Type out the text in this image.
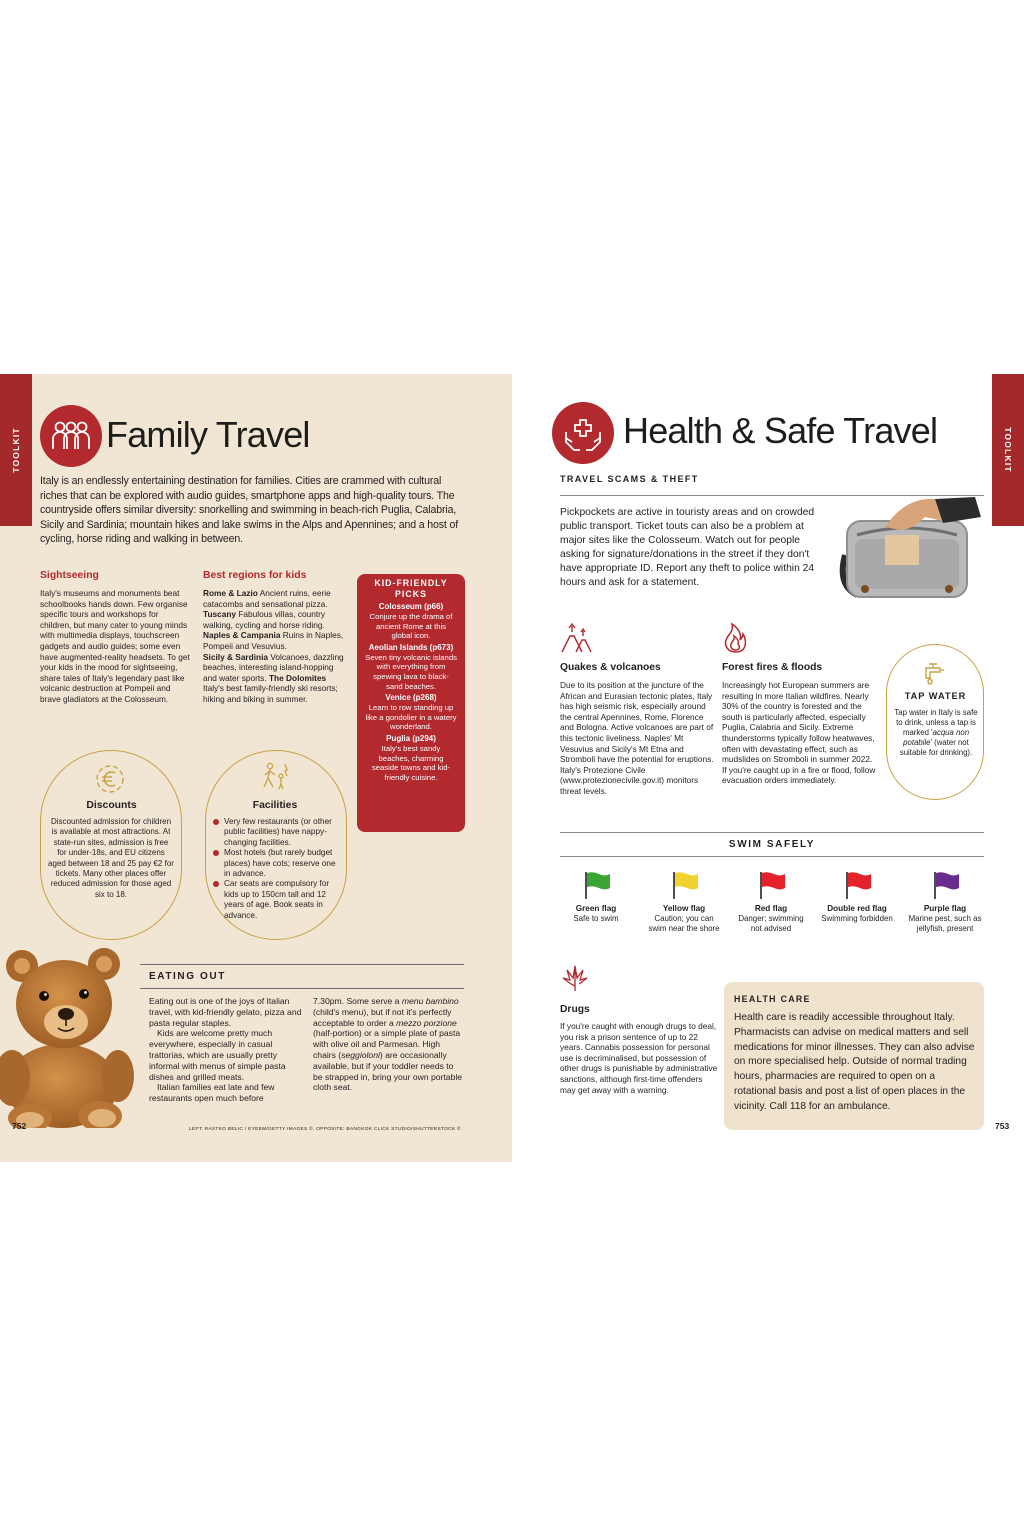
TOOLKIT Family Travel
Italy is an endlessly entertaining destination for families. Cities are crammed with cultural riches that can be explored with audio guides, smartphone apps and high-quality tours. The countryside offers similar diversity: snorkelling and swimming in beach-rich Puglia, Calabria, Sicily and Sardinia; mountain hikes and lake swims in the Alps and Apennines; and a host of cycling, horse riding and walking in between.
Sightseeing
Italy's museums and monuments beat schoolbooks hands down. Few organise specific tours and workshops for children, but many cater to young minds with multimedia displays, touchscreen gadgets and audio guides; some even have augmented-reality headsets. To get your kids in the mood for sightseeing, share tales of Italy's legendary past like volcanic destruction at Pompeii and brave gladiators at the Colosseum.
Best regions for kids
Rome & Lazio Ancient ruins, eerie catacombs and sensational pizza.
Tuscany Fabulous villas, country walking, cycling and horse riding.
Naples & Campania Ruins in Naples, Pompeii and Vesuvius.
Sicily & Sardinia Volcanoes, dazzling beaches, interesting island-hopping and water sports. The Dolomites Italy's best family-friendly ski resorts; hiking and biking in summer.
KID-FRIENDLY
PICKS
Colosseum (p66)
Conjure up the drama of ancient Rome at this global icon.
Aeolian Islands (p673)
Seven tiny volcanic islands with everything from spewing lava to black-sand beaches.
Venice (p268)
Learn to row standing up like a gondolier in a watery wonderland.
Puglia (p294)
Italy's best sandy beaches, charming seaside towns and kid-friendly cuisine.
Discounts
Discounted admission for children is available at most attractions. At state-run sites, admission is free for under-18s, and EU citizens aged between 18 and 25 pay €2 for tickets. Many other places offer reduced admission for those aged six to 18.
Facilities
Very few restaurants (or other public facilities) have nappy-changing facilities.
Most hotels (but rarely budget places) have cots; reserve one in advance.
Car seats are compulsory for kids up to 150cm tall and 12 years of age. Book seats in advance.
EATING OUT
Eating out is one of the joys of Italian travel, with kid-friendly gelato, pizza and pasta regular staples.
Kids are welcome pretty much everywhere, especially in casual trattorias, which are usually pretty informal with menus of simple pasta dishes and grilled meats.
Italian families eat late and few restaurants open much before
7.30pm. Some serve a menu bambino (child's menu), but if not it's perfectly acceptable to order a mezzo porzione (half-portion) or a simple plate of pasta with olive oil and Parmesan. High chairs (seggioloni) are occasionally available, but if your toddler needs to be strapped in, bring your own portable cloth seat.
752	LEFT: RASTKO BELIC / EYEEM/GETTY IMAGES ©. OPPOSITE: BANGKOK CLICK STUDIO/SHUTTERSTOCK ©
TOOLKIT
Health & Safe Travel
TRAVEL SCAMS & THEFT
Pickpockets are active in touristy areas and on crowded public transport. Ticket touts can also be a problem at major sites like the Colosseum. Watch out for people asking for signature/donations in the street if they don't have appropriate ID. Report any theft to police within 24 hours and ask for a statement.
Quakes & volcanoes
Due to its position at the juncture of the African and Eurasian tectonic plates, Italy has high seismic risk, especially around the central Apennines, Rome, Florence and Bologna. Active volcanoes are part of this tectonic liveliness. Naples' Mt Vesuvius and Sicily's Mt Etna and Stromboli have the potential for eruptions. Italy's Protezione Civile (www.protezionecivile.gov.it) monitors threat levels.
Forest fires & floods
Increasingly hot European summers are resulting in more Italian wildfires. Nearly 30% of the country is forested and the south is particularly affected, especially Puglia, Calabria and Sicily. Extreme thunderstorms typically follow heatwaves, often with devastating effect, such as mudslides on Stromboli in summer 2022. If you're caught up in a fire or flood, follow evacuation orders immediately.
TAP WATER
Tap water in Italy is safe to drink, unless a tap is marked 'acqua non potabile' (water not suitable for drinking).
SWIM SAFELY
Green flag
Safe to swim
Yellow flag
Caution; you can swim near the shore
Red flag
Danger; swimming not advised
Double red flag
Swimming forbidden
Purple flag
Marine pest, such as jellyfish, present
Drugs
If you're caught with enough drugs to deal, you risk a prison sentence of up to 22 years. Cannabis possession for personal use is decriminalised, but possession of other drugs is punishable by administrative sanctions, although first-time offenders may get away with a warning.
HEALTH CARE
Health care is readily accessible throughout Italy. Pharmacists can advise on medical matters and sell medications for minor illnesses. They can also advise on more specialised help. Outside of normal trading hours, pharmacies are required to open on a rotational basis and post a list of open places in the vicinity. Call 118 for an ambulance.
753
